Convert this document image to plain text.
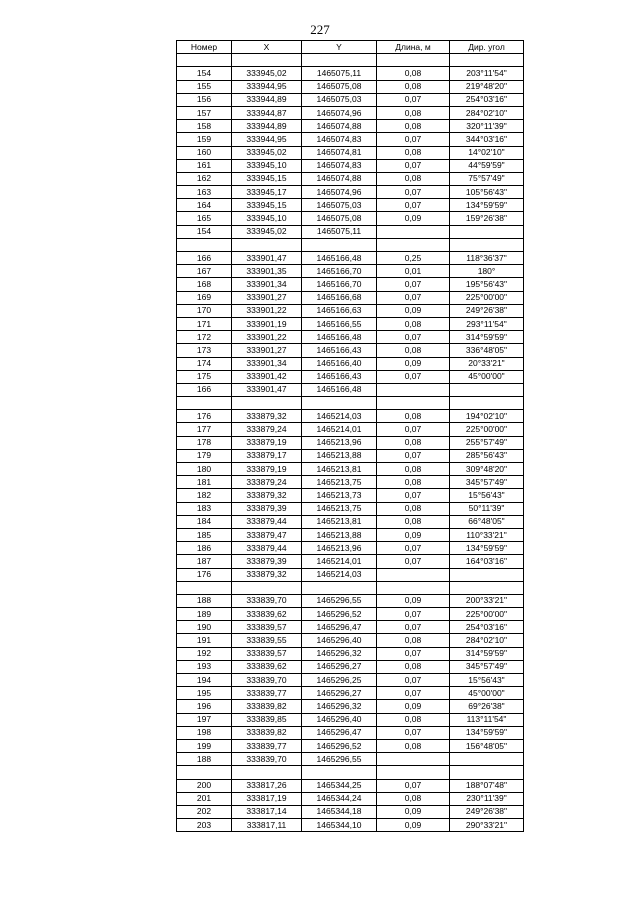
227
Номер	X	Y	Длина, м	Дир. угол

154	333945,02	1465075,11	0,08	203°11'54"
155	333944,95	1465075,08	0,08	219°48'20"
156	333944,89	1465075,03	0,07	254°03'16"
157	333944,87	1465074,96	0,08	284°02'10"
158	333944,89	1465074,88	0,08	320°11'39"
159	333944,95	1465074,83	0,07	344°03'16"
160	333945,02	1465074,81	0,08	14°02'10"
161	333945,10	1465074,83	0,07	44°59'59"
162	333945,15	1465074,88	0,08	75°57'49"
163	333945,17	1465074,96	0,07	105°56'43"
164	333945,15	1465075,03	0,07	134°59'59"
165	333945,10	1465075,08	0,09	159°26'38"
154	333945,02	1465075,11		

166	333901,47	1465166,48	0,25	118°36'37"
167	333901,35	1465166,70	0,01	180°
168	333901,34	1465166,70	0,07	195°56'43"
169	333901,27	1465166,68	0,07	225°00'00"
170	333901,22	1465166,63	0,09	249°26'38"
171	333901,19	1465166,55	0,08	293°11'54"
172	333901,22	1465166,48	0,07	314°59'59"
173	333901,27	1465166,43	0,08	336°48'05"
174	333901,34	1465166,40	0,09	20°33'21"
175	333901,42	1465166,43	0,07	45°00'00"
166	333901,47	1465166,48		

176	333879,32	1465214,03	0,08	194°02'10"
177	333879,24	1465214,01	0,07	225°00'00"
178	333879,19	1465213,96	0,08	255°57'49"
179	333879,17	1465213,88	0,07	285°56'43"
180	333879,19	1465213,81	0,08	309°48'20"
181	333879,24	1465213,75	0,08	345°57'49"
182	333879,32	1465213,73	0,07	15°56'43"
183	333879,39	1465213,75	0,08	50°11'39"
184	333879,44	1465213,81	0,08	66°48'05"
185	333879,47	1465213,88	0,09	110°33'21"
186	333879,44	1465213,96	0,07	134°59'59"
187	333879,39	1465214,01	0,07	164°03'16"
176	333879,32	1465214,03		

188	333839,70	1465296,55	0,09	200°33'21"
189	333839,62	1465296,52	0,07	225°00'00"
190	333839,57	1465296,47	0,07	254°03'16"
191	333839,55	1465296,40	0,08	284°02'10"
192	333839,57	1465296,32	0,07	314°59'59"
193	333839,62	1465296,27	0,08	345°57'49"
194	333839,70	1465296,25	0,07	15°56'43"
195	333839,77	1465296,27	0,07	45°00'00"
196	333839,82	1465296,32	0,09	69°26'38"
197	333839,85	1465296,40	0,08	113°11'54"
198	333839,82	1465296,47	0,07	134°59'59"
199	333839,77	1465296,52	0,08	156°48'05"
188	333839,70	1465296,55		

200	333817,26	1465344,25	0,07	188°07'48"
201	333817,19	1465344,24	0,08	230°11'39"
202	333817,14	1465344,18	0,09	249°26'38"
203	333817,11	1465344,10	0,09	290°33'21"
